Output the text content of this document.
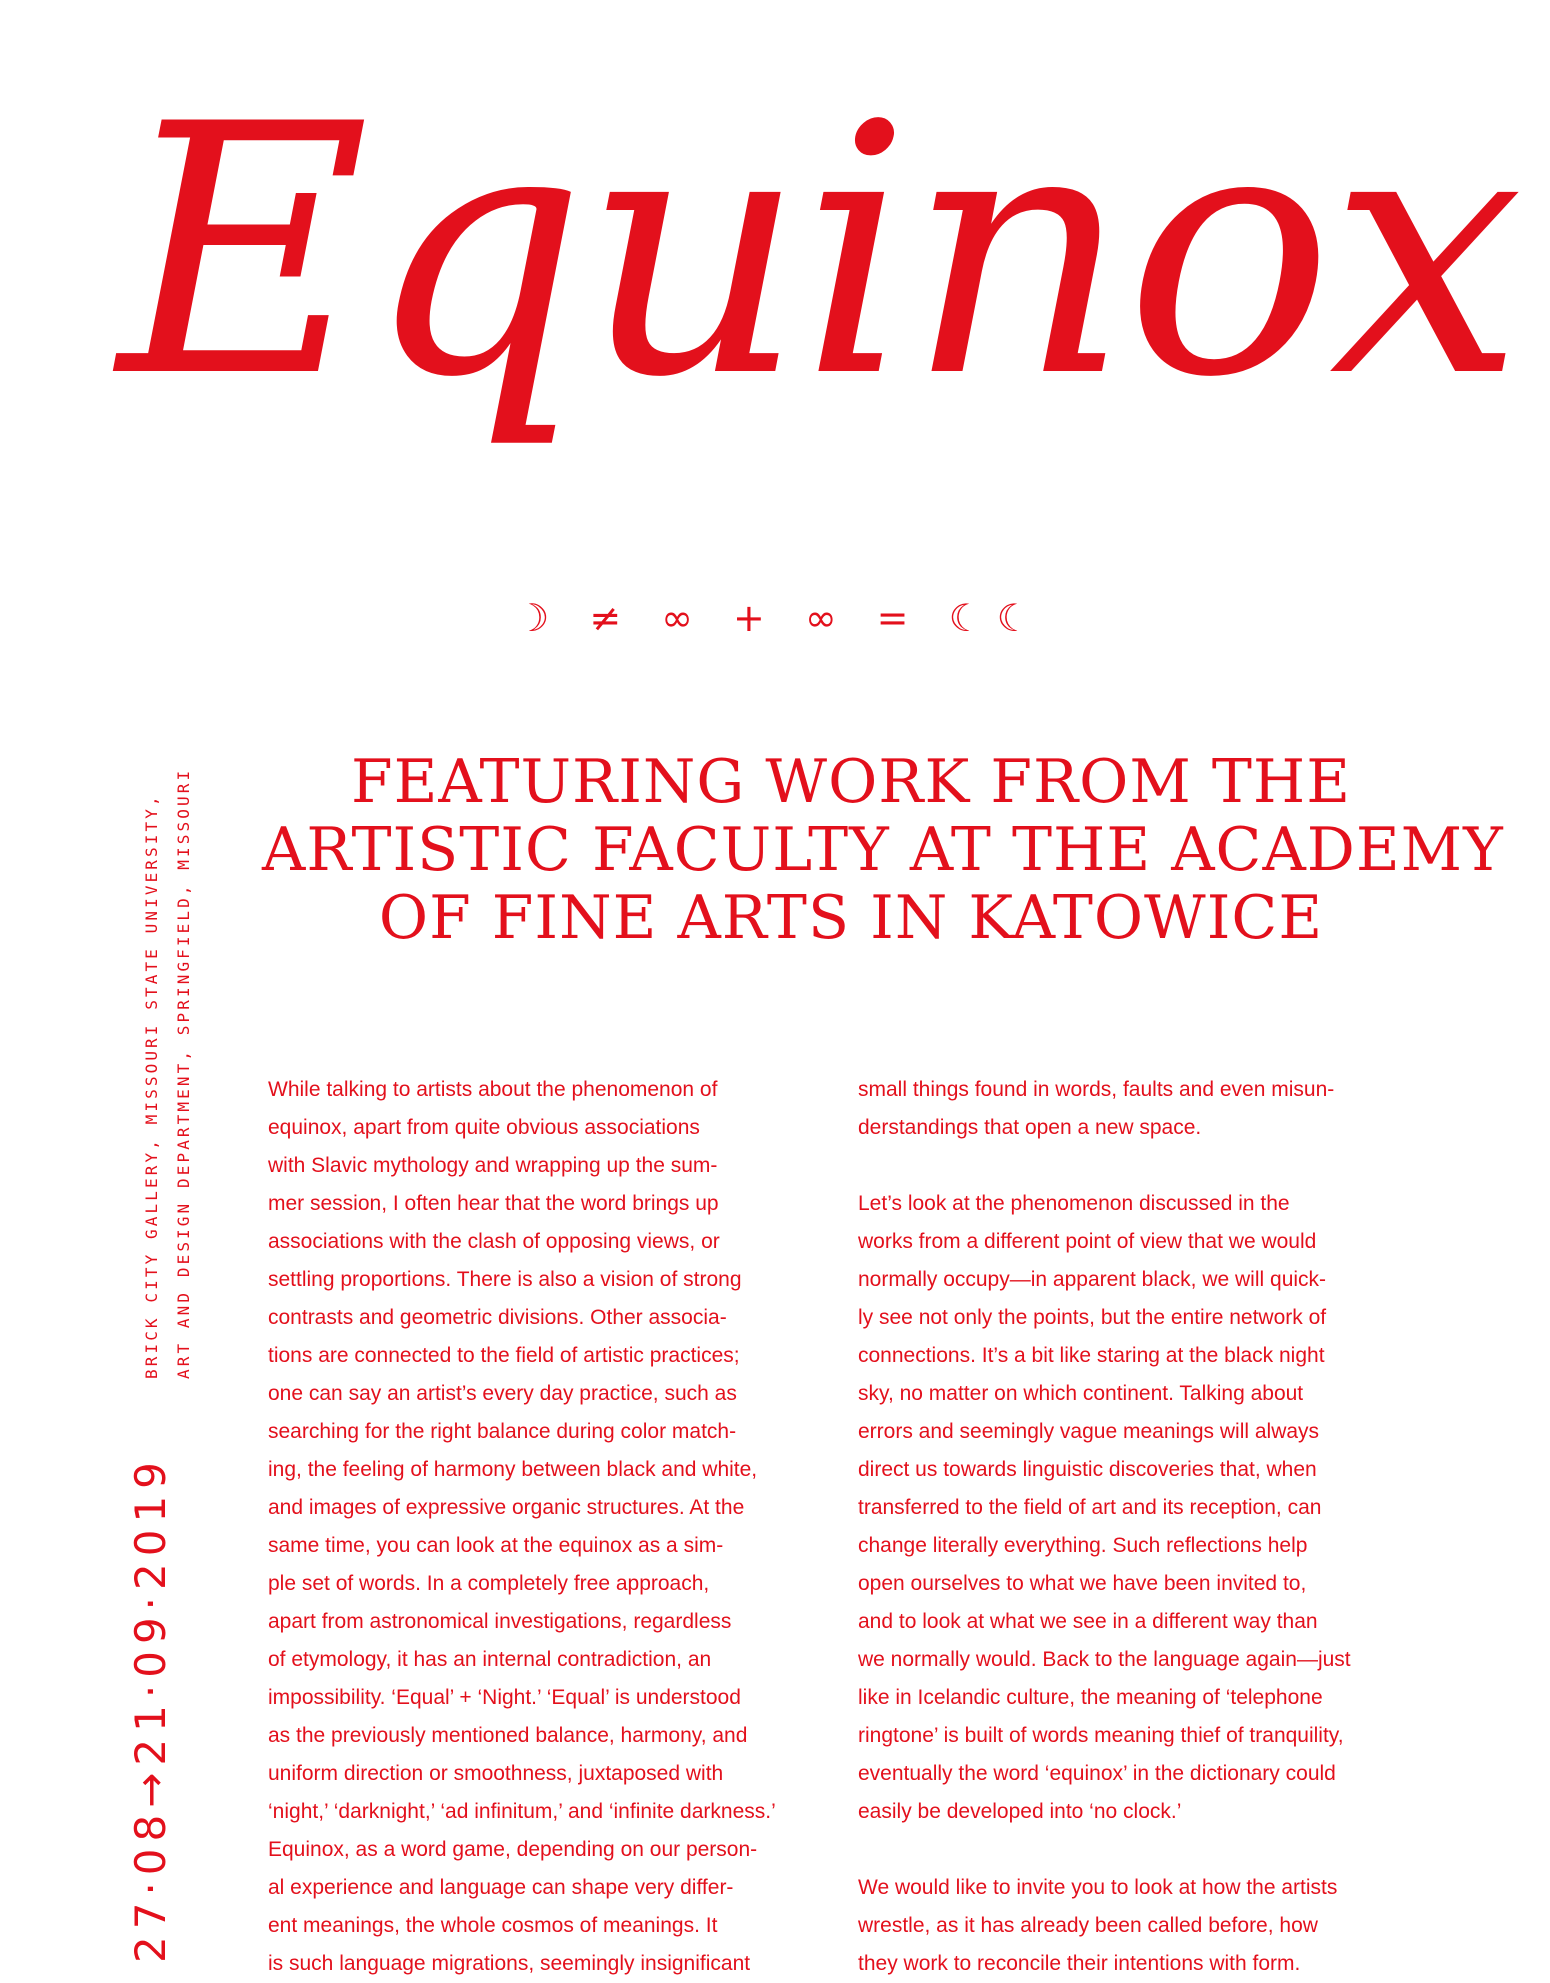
Equinox
☽ ≠ ∞ + ∞ = ☾☾
FEATURING WORK FROM THE
ARTISTIC FACULTY AT THE ACADEMY
OF FINE ARTS IN KATOWICE
27·08→21·09·2019
BRICK CITY GALLERY, MISSOURI STATE UNIVERSITY, ART AND DESIGN DEPARTMENT, SPRINGFIELD, MISSOURI	While talking to artists about the phenomenon of
equinox, apart from quite obvious associations
with Slavic mythology and wrapping up the sum-
mer session, I often hear that the word brings up
associations with the clash of opposing views, or
settling proportions. There is also a vision of strong
contrasts and geometric divisions. Other associa-
tions are connected to the field of artistic practices;
one can say an artist’s every day practice, such as
searching for the right balance during color match-
ing, the feeling of harmony between black and white,
and images of expressive organic structures. At the
same time, you can look at the equinox as a sim-
ple set of words. In a completely free approach,
apart from astronomical investigations, regardless
of etymology, it has an internal contradiction, an
impossibility. ‘Equal’ + ‘Night.’ ‘Equal’ is understood
as the previously mentioned balance, harmony, and
uniform direction or smoothness, juxtaposed with
‘night,’ ‘darknight,’ ‘ad infinitum,’ and ‘infinite darkness.’
Equinox, as a word game, depending on our person-
al experience and language can shape very differ-
ent meanings, the whole cosmos of meanings. It
is such language migrations, seemingly insignificant
small things found in words, faults and even misun-
derstandings that open a new space.
Let’s look at the phenomenon discussed in the
works from a different point of view that we would
normally occupy—in apparent black, we will quick-
ly see not only the points, but the entire network of
connections. It’s a bit like staring at the black night
sky, no matter on which continent. Talking about
errors and seemingly vague meanings will always
direct us towards linguistic discoveries that, when
transferred to the field of art and its reception, can
change literally everything. Such reflections help
open ourselves to what we have been invited to,
and to look at what we see in a different way than
we normally would. Back to the language again—just
like in Icelandic culture, the meaning of ‘telephone
ringtone’ is built of words meaning thief of tranquility,
eventually the word ‘equinox’ in the dictionary could
easily be developed into ‘no clock.’
We would like to invite you to look at how the artists
wrestle, as it has already been called before, how
they work to reconcile their intentions with form.
